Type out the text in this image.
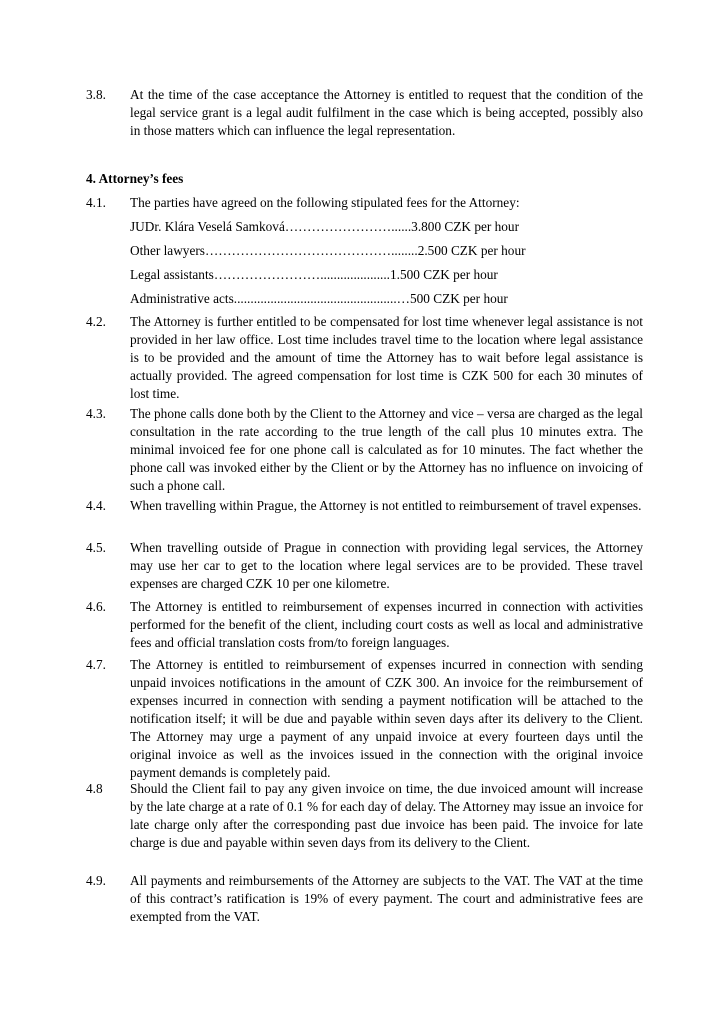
3.8.	At the time of the case acceptance the Attorney is entitled to request that the condition of the legal service grant is a legal audit fulfilment in the case which is being accepted, possibly also in those matters which can influence the legal representation.
4. Attorney’s fees
4.1.	The parties have agreed on the following stipulated fees for the Attorney:
JUDr. Klára Veselá Samková……………………......3.800 CZK per hour
Other lawyers……………………………………........2.500 CZK per hour
Legal assistants…………………….....................1.500 CZK per hour
Administrative acts.................................................…500 CZK per hour
4.2.	The Attorney is further entitled to be compensated for lost time whenever legal assistance is not provided in her law office. Lost time includes travel time to the location where legal assistance is to be provided and the amount of time the Attorney has to wait before legal assistance is actually provided. The agreed compensation for lost time is CZK 500 for each 30 minutes of lost time.
4.3.	The phone calls done both by the Client to the Attorney and vice – versa are charged as the legal consultation in the rate according to the true length of the call plus 10 minutes extra. The minimal invoiced fee for one phone call is calculated as for 10 minutes. The fact whether the phone call was invoked either by the Client or by the Attorney has no influence on invoicing of such a phone call.
4.4.	When travelling within Prague, the Attorney is not entitled to reimbursement of travel expenses.
4.5.	When travelling outside of Prague in connection with providing legal services, the Attorney may use her car to get to the location where legal services are to be provided. These travel expenses are charged CZK 10 per one kilometre.
4.6.	The Attorney is entitled to reimbursement of expenses incurred in connection with activities performed for the benefit of the client, including court costs as well as local and administrative fees and official translation costs from/to foreign languages.
4.7.	The Attorney is entitled to reimbursement of expenses incurred in connection with sending unpaid invoices notifications in the amount of CZK 300. An invoice for the reimbursement of expenses incurred in connection with sending a payment notification will be attached to the notification itself; it will be due and payable within seven days after its delivery to the Client. The Attorney may urge a payment of any unpaid invoice at every fourteen days until the original invoice as well as the invoices issued in the connection with the original invoice payment demands is completely paid.
4.8	Should the Client fail to pay any given invoice on time, the due invoiced amount will increase by the late charge at a rate of 0.1 % for each day of delay. The Attorney may issue an invoice for late charge only after the corresponding past due invoice has been paid. The invoice for late charge is due and payable within seven days from its delivery to the Client.
4.9.	All payments and reimbursements of the Attorney are subjects to the VAT. The VAT at the time of this contract’s ratification is 19% of every payment. The court and administrative fees are exempted from the VAT.
